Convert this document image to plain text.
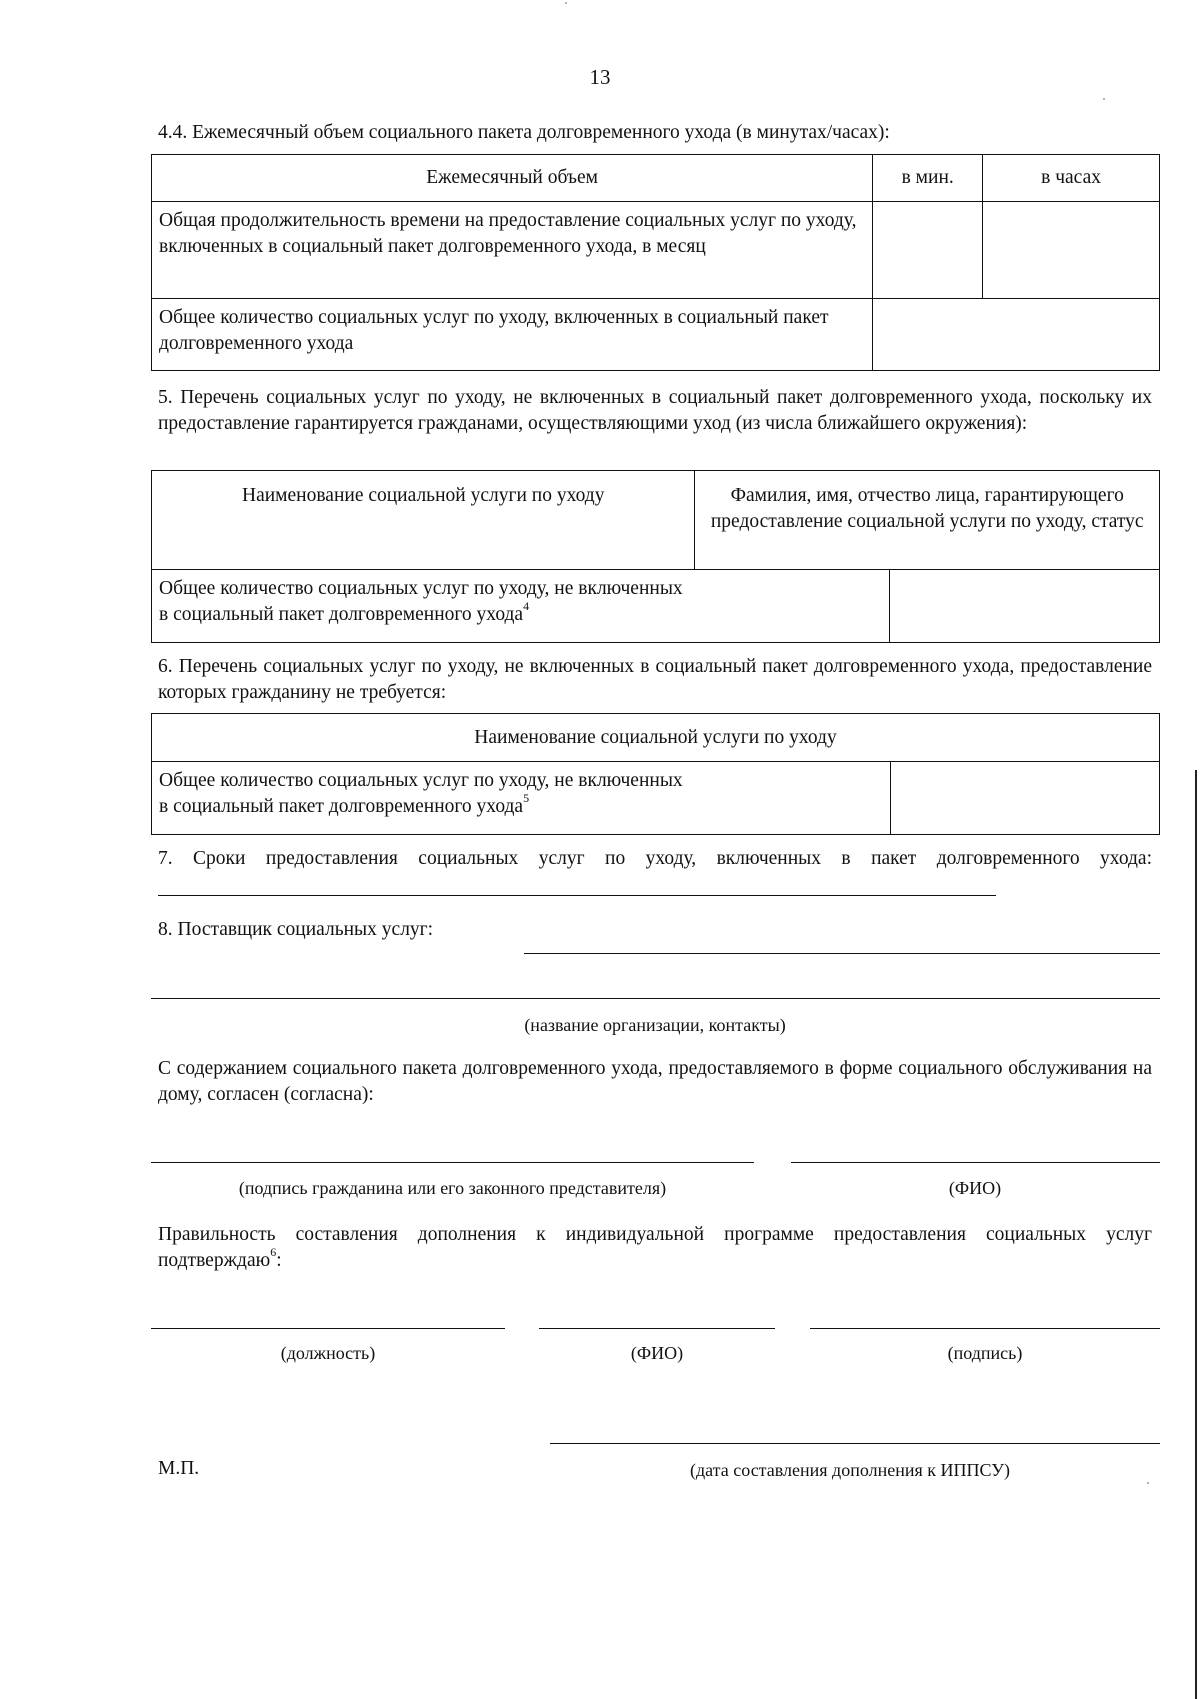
13
4.4. Ежемесячный объем социального пакета долговременного ухода (в минутах/часах):
Ежемесячный объем	в мин.	в часах
Общая продолжительность времени на предоставление социальных услуг по уходу, включенных в социальный пакет долговременного ухода, в месяц		
Общее количество социальных услуг по уходу, включенных в социальный пакет долговременного ухода		
5. Перечень социальных услуг по уходу, не включенных в социальный пакет долговременного ухода, поскольку их предоставление гарантируется гражданами, осуществляющими уход (из числа ближайшего окружения):
Наименование социальной услуги по уходу	Фамилия, имя, отчество лица, гарантирующего предоставление социальной услуги по уходу, статус	
Общее количество социальных услуг по уходу, не включенных
в социальный пакет долговременного ухода$^4$	
6. Перечень социальных услуг по уходу, не включенных в социальный пакет долговременного ухода, предоставление которых гражданину не требуется:
Наименование социальной услуги по уходу
Общее количество социальных услуг по уходу, не включенных
в социальный пакет долговременного ухода$^5$	
7. Сроки предоставления социальных услуг по уходу, включенных в пакет долговременного ухода:
8. Поставщик социальных услуг:
(название организации, контакты)
С содержанием социального пакета долговременного ухода, предоставляемого в форме социального обслуживания на дому, согласен (согласна):
(подпись гражданина или его законного представителя)	(ФИО)
Правильность составления дополнения к индивидуальной программе предоставления социальных услуг подтверждаю$^6$:
(должность)	(ФИО)	(подпись)
М.П.	(дата составления дополнения к ИППСУ)
